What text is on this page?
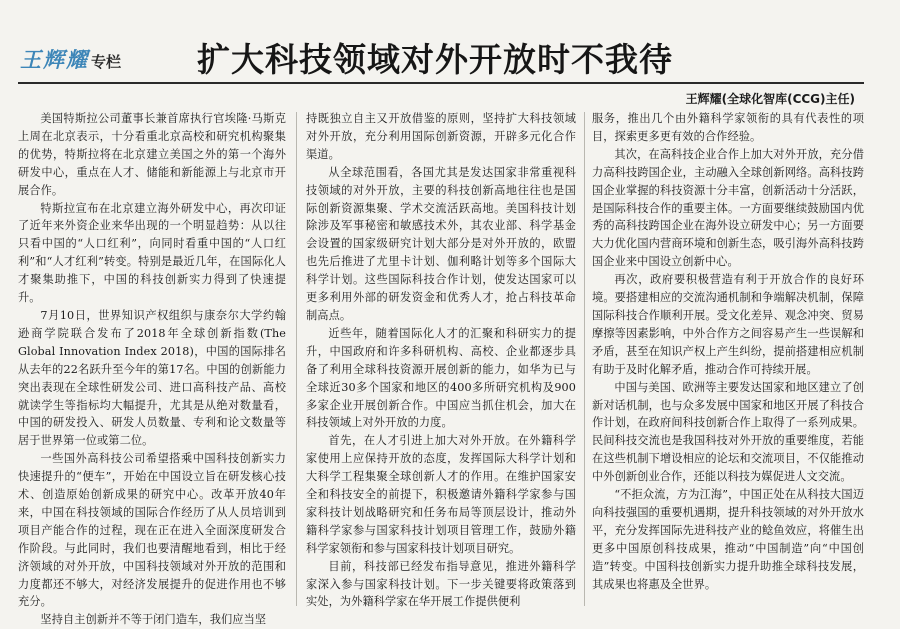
王辉耀 专栏 扩大科技领域对外开放时不我待
王辉耀(全球化智库(CCG)主任)

美国特斯拉公司董事长兼首席执行官埃隆·马斯克上周在北京表示，十分看重北京高校和研究机构聚集的优势，特斯拉将在北京建立美国之外的第一个海外研发中心，重点在人才、储能和新能源上与北京市开展合作。

特斯拉宣布在北京建立海外研发中心，再次印证了近年来外资企业来华出现的一个明显趋势：从以往只看中国的“人口红利”，向同时看重中国的“人口红利”和“人才红利”转变。特别是最近几年，在国际化人才聚集助推下，中国的科技创新实力得到了快速提升。

7月10日，世界知识产权组织与康奈尔大学约翰逊商学院联合发布了2018年全球创新指数(The Global Innovation Index 2018)，中国的国际排名从去年的22名跃升至今年的第17名。中国的创新能力突出表现在全球性研发公司、进口高科技产品、高校就读学生等指标均大幅提升，尤其是从绝对数量看，中国的研发投入、研发人员数量、专利和论文数量等居于世界第一位或第二位。

一些国外高科技公司希望搭乘中国科技创新实力快速提升的“便车”，开始在中国设立旨在研发核心技术、创造原始创新成果的研究中心。改革开放40年来，中国在科技领域的国际合作经历了从人员培训到项目产能合作的过程，现在正在进入全面深度研发合作阶段。与此同时，我们也要清醒地看到，相比于经济领域的对外开放，中国科技领域对外开放的范围和力度都还不够大，对经济发展提升的促进作用也不够充分。

坚持自主创新并不等于闭门造车，我们应当坚

持既独立自主又开放借鉴的原则，坚持扩大科技领域对外开放，充分利用国际创新资源，开辟多元化合作渠道。

从全球范围看，各国尤其是发达国家非常重视科技领域的对外开放，主要的科技创新高地往往也是国际创新资源集聚、学术交流活跃高地。美国科技计划除涉及军事秘密和敏感技术外，其农业部、科学基金会设置的国家级研究计划大部分是对外开放的，欧盟也先后推进了尤里卡计划、伽利略计划等多个国际大科学计划。这些国际科技合作计划，使发达国家可以更多利用外部的研发资金和优秀人才，抢占科技革命制高点。

近些年，随着国际化人才的汇聚和科研实力的提升，中国政府和许多科研机构、高校、企业都逐步具备了利用全球科技资源开展创新的能力，如华为已与全球近30多个国家和地区的400多所研究机构及900多家企业开展创新合作。中国应当抓住机会，加大在科技领域上对外开放的力度。

首先，在人才引进上加大对外开放。在外籍科学家使用上应保持开放的态度，发挥国际大科学计划和大科学工程集聚全球创新人才的作用。在维护国家安全和科技安全的前提下，积极邀请外籍科学家参与国家科技计划战略研究和任务布局等顶层设计，推动外籍科学家参与国家科技计划项目管理工作，鼓励外籍科学家领衔和参与国家科技计划项目研究。

目前，科技部已经发布指导意见，推进外籍科学家深入参与国家科技计划。下一步关键要将政策落到实处，为外籍科学家在华开展工作提供便利

服务，推出几个由外籍科学家领衔的具有代表性的项目，探索更多更有效的合作经验。

其次，在高科技企业合作上加大对外开放，充分借力高科技跨国企业，主动融入全球创新网络。高科技跨国企业掌握的科技资源十分丰富，创新活动十分活跃，是国际科技合作的重要主体。一方面要继续鼓励国内优秀的高科技跨国企业在海外设立研发中心；另一方面要大力优化国内营商环境和创新生态，吸引海外高科技跨国企业来中国设立创新中心。

再次，政府要积极营造有利于开放合作的良好环境。要搭建相应的交流沟通机制和争端解决机制，保障国际科技合作顺利开展。受文化差异、观念冲突、贸易摩擦等因素影响，中外合作方之间容易产生一些误解和矛盾，甚至在知识产权上产生纠纷，提前搭建相应机制有助于及时化解矛盾，推动合作可持续开展。

中国与美国、欧洲等主要发达国家和地区建立了创新对话机制，也与众多发展中国家和地区开展了科技合作计划，在政府间科技创新合作上取得了一系列成果。民间科技交流也是我国科技对外开放的重要维度，若能在这些机制下增设相应的论坛和交流项目，不仅能推动中外创新创业合作，还能以科技为媒促进人文交流。

“不拒众流，方为江海”，中国正处在从科技大国迈向科技强国的重要机遇期，提升科技领域的对外开放水平，充分发挥国际先进科技产业的鲶鱼效应，将催生出更多中国原创科技成果，推动“中国制造”向“中国创造”转变。中国科技创新实力提升助推全球科技发展，其成果也将惠及全世界。
